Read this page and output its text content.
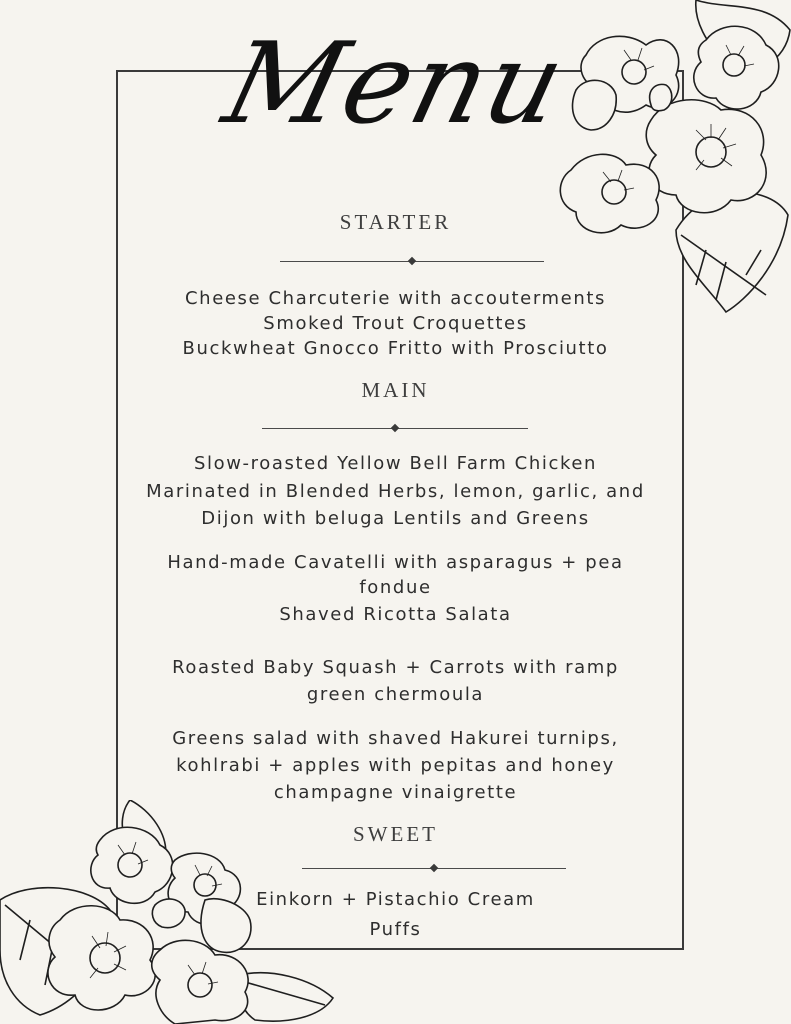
Menu
STARTER
Cheese Charcuterie with accouterments
Smoked Trout Croquettes
Buckwheat Gnocco Fritto with Prosciutto
MAIN
Slow-roasted Yellow Bell Farm Chicken
Marinated in Blended Herbs, lemon, garlic, and
Dijon with beluga Lentils and Greens
Hand-made Cavatelli with asparagus + pea
fondue
Shaved Ricotta Salata
Roasted Baby Squash + Carrots with ramp
green chermoula
Greens salad with shaved Hakurei turnips,
kohlrabi + apples with pepitas and honey
champagne vinaigrette
SWEET
Einkorn + Pistachio Cream
Puffs
